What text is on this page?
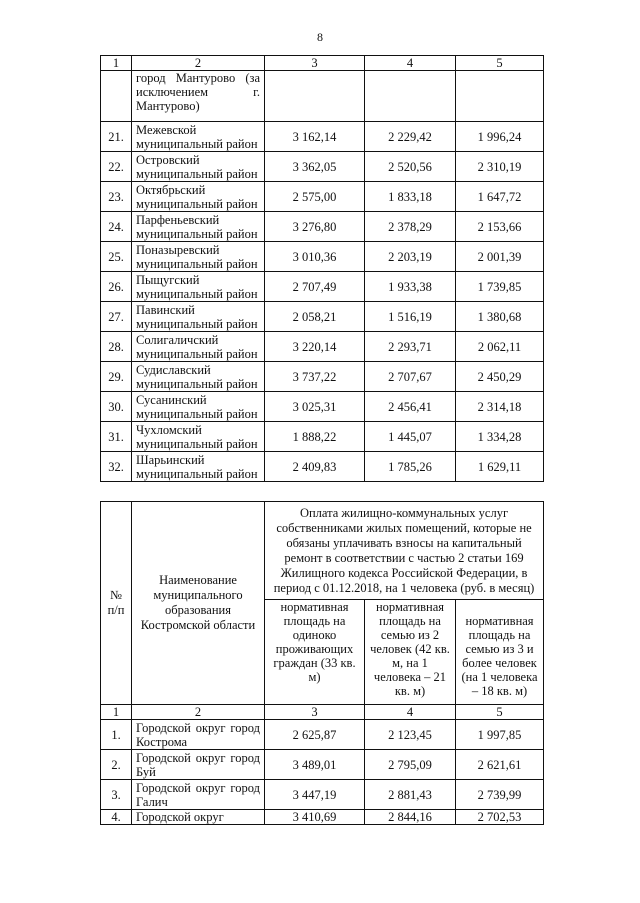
8
1	2	3	4	5
	город Мантурово (за исключением г. Мантурово)			
21.	Межевской муниципальный район	3 162,14	2 229,42	1 996,24
22.	Островский муниципальный район	3 362,05	2 520,56	2 310,19
23.	Октябрьский муниципальный район	2 575,00	1 833,18	1 647,72
24.	Парфеньевский муниципальный район	3 276,80	2 378,29	2 153,66
25.	Поназыревский муниципальный район	3 010,36	2 203,19	2 001,39
26.	Пыщугский муниципальный район	2 707,49	1 933,38	1 739,85
27.	Павинский муниципальный район	2 058,21	1 516,19	1 380,68
28.	Солигаличский муниципальный район	3 220,14	2 293,71	2 062,11
29.	Судиславский муниципальный район	3 737,22	2 707,67	2 450,29
30.	Сусанинский муниципальный район	3 025,31	2 456,41	2 314,18
31.	Чухломский муниципальный район	1 888,22	1 445,07	1 334,28
32.	Шарьинский муниципальный район	2 409,83	1 785,26	1 629,11
№ п/п	Наименование муниципального образования Костромской области	Оплата жилищно-коммунальных услуг собственниками жилых помещений, которые не обязаны уплачивать взносы на капитальный ремонт в соответствии с частью 2 статьи 169 Жилищного кодекса Российской Федерации, в период с 01.12.2018, на 1 человека (руб. в месяц)		
		нормативная площадь на одиноко проживающих граждан (33 кв. м)	нормативная площадь на семью из 2 человек (42 кв. м, на 1 человека – 21 кв. м)	нормативная площадь на семью из 3 и более человек (на 1 человека – 18 кв. м)
1	2	3	4	5
1.	Городской округ город Кострома	2 625,87	2 123,45	1 997,85
2.	Городской округ город Буй	3 489,01	2 795,09	2 621,61
3.	Городской округ город Галич	3 447,19	2 881,43	2 739,99
4.	Городской округ	3 410,69	2 844,16	2 702,53
